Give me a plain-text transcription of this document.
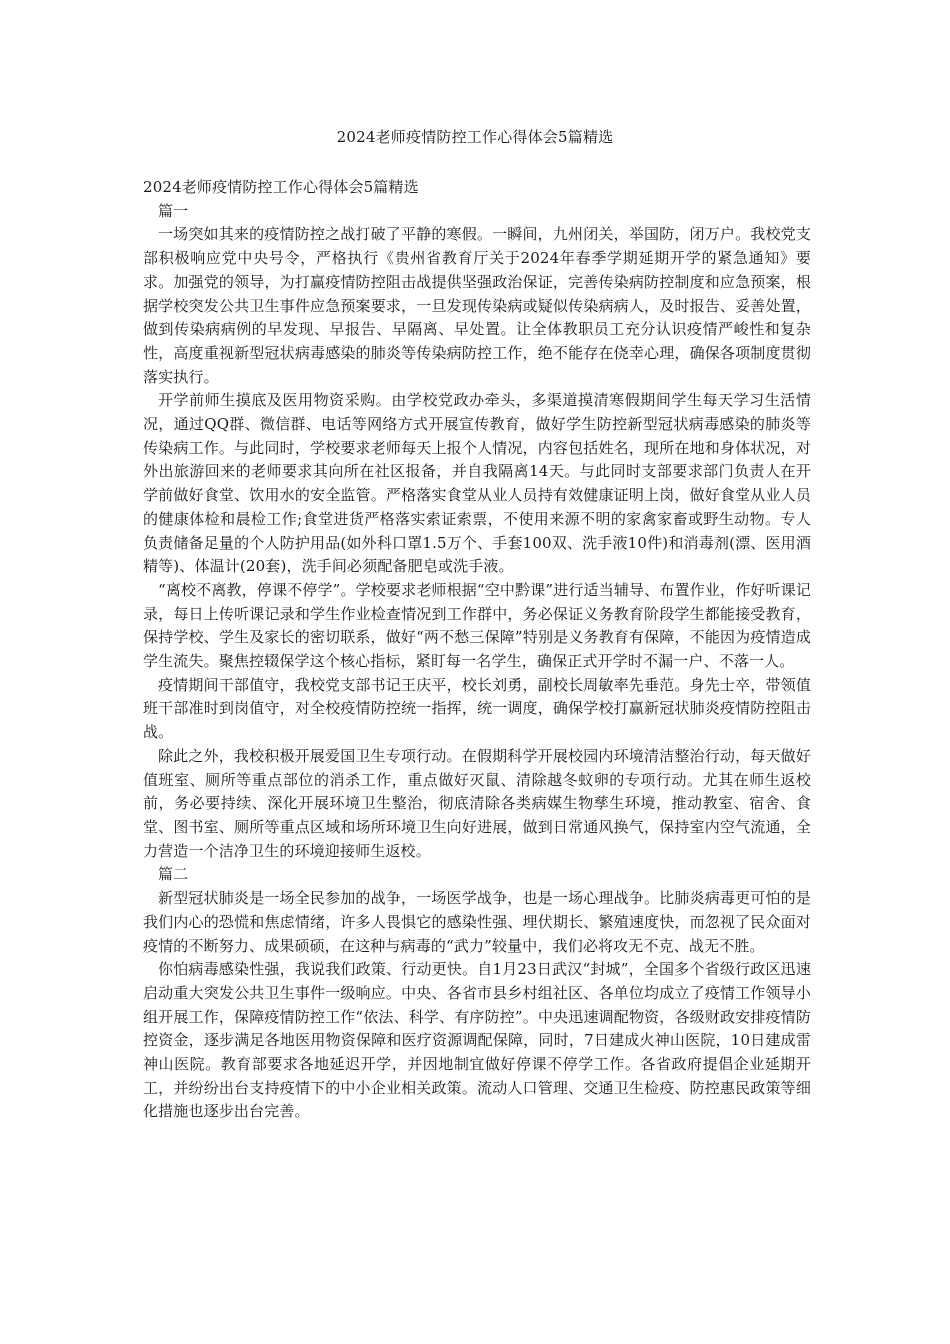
2024老师疫情防控工作心得体会5篇精选

2024老师疫情防控工作心得体会5篇精选

篇一

一场突如其来的疫情防控之战打破了平静的寒假。一瞬间，九州闭关，举国防，闭万户。我校党支部积极响应党中央号令，严格执行《贵州省教育厅关于2024年春季学期延期开学的紧急通知》要求。加强党的领导，为打赢疫情防控阻击战提供坚强政治保证，完善传染病防控制度和应急预案，根据学校突发公共卫生事件应急预案要求，一旦发现传染病或疑似传染病病人，及时报告、妥善处置，做到传染病病例的早发现、早报告、早隔离、早处置。让全体教职员工充分认识疫情严峻性和复杂性，高度重视新型冠状病毒感染的肺炎等传染病防控工作，绝不能存在侥幸心理，确保各项制度贯彻落实执行。

开学前师生摸底及医用物资采购。由学校党政办牵头，多渠道摸清寒假期间学生每天学习生活情况，通过QQ群、微信群、电话等网络方式开展宣传教育，做好学生防控新型冠状病毒感染的肺炎等传染病工作。与此同时，学校要求老师每天上报个人情况，内容包括姓名，现所在地和身体状况，对外出旅游回来的老师要求其向所在社区报备，并自我隔离14天。与此同时支部要求部门负责人在开学前做好食堂、饮用水的安全监管。严格落实食堂从业人员持有效健康证明上岗，做好食堂从业人员的健康体检和晨检工作;食堂进货严格落实索证索票，不使用来源不明的家禽家畜或野生动物。专人负责储备足量的个人防护用品(如外科口罩1.5万个、手套100双、洗手液10件)和消毒剂(漂、医用酒精等)、体温计(20套)，洗手间必须配备肥皂或洗手液。

“离校不离教，停课不停学”。学校要求老师根据“空中黔课”进行适当辅导、布置作业，作好听课记录，每日上传听课记录和学生作业检查情况到工作群中，务必保证义务教育阶段学生都能接受教育，保持学校、学生及家长的密切联系，做好“两不愁三保障”特别是义务教育有保障，不能因为疫情造成学生流失。聚焦控辍保学这个核心指标，紧盯每一名学生，确保正式开学时不漏一户、不落一人。

疫情期间干部值守，我校党支部书记王庆平，校长刘勇，副校长周敏率先垂范。身先士卒，带领值班干部准时到岗值守，对全校疫情防控统一指挥，统一调度，确保学校打赢新冠状肺炎疫情防控阻击战。

除此之外，我校积极开展爱国卫生专项行动。在假期科学开展校园内环境清洁整治行动，每天做好值班室、厕所等重点部位的消杀工作，重点做好灭鼠、清除越冬蚊卵的专项行动。尤其在师生返校前，务必要持续、深化开展环境卫生整治，彻底清除各类病媒生物孳生环境，推动教室、宿舍、食堂、图书室、厕所等重点区域和场所环境卫生向好进展，做到日常通风换气，保持室内空气流通，全力营造一个洁净卫生的环境迎接师生返校。

篇二

新型冠状肺炎是一场全民参加的战争，一场医学战争，也是一场心理战争。比肺炎病毒更可怕的是我们内心的恐慌和焦虑情绪，许多人畏惧它的感染性强、埋伏期长、繁殖速度快，而忽视了民众面对疫情的不断努力、成果硕硕，在这种与病毒的“武力”较量中，我们必将攻无不克、战无不胜。

你怕病毒感染性强，我说我们政策、行动更快。自1月23日武汉“封城”，全国多个省级行政区迅速启动重大突发公共卫生事件一级响应。中央、各省市县乡村组社区、各单位均成立了疫情工作领导小组开展工作，保障疫情防控工作“依法、科学、有序防控”。中央迅速调配物资，各级财政安排疫情防控资金，逐步满足各地医用物资保障和医疗资源调配保障，同时，7日建成火神山医院，10日建成雷神山医院。教育部要求各地延迟开学，并因地制宜做好停课不停学工作。各省政府提倡企业延期开工，并纷纷出台支持疫情下的中小企业相关政策。流动人口管理、交通卫生检疫、防控惠民政策等细化措施也逐步出台完善。
